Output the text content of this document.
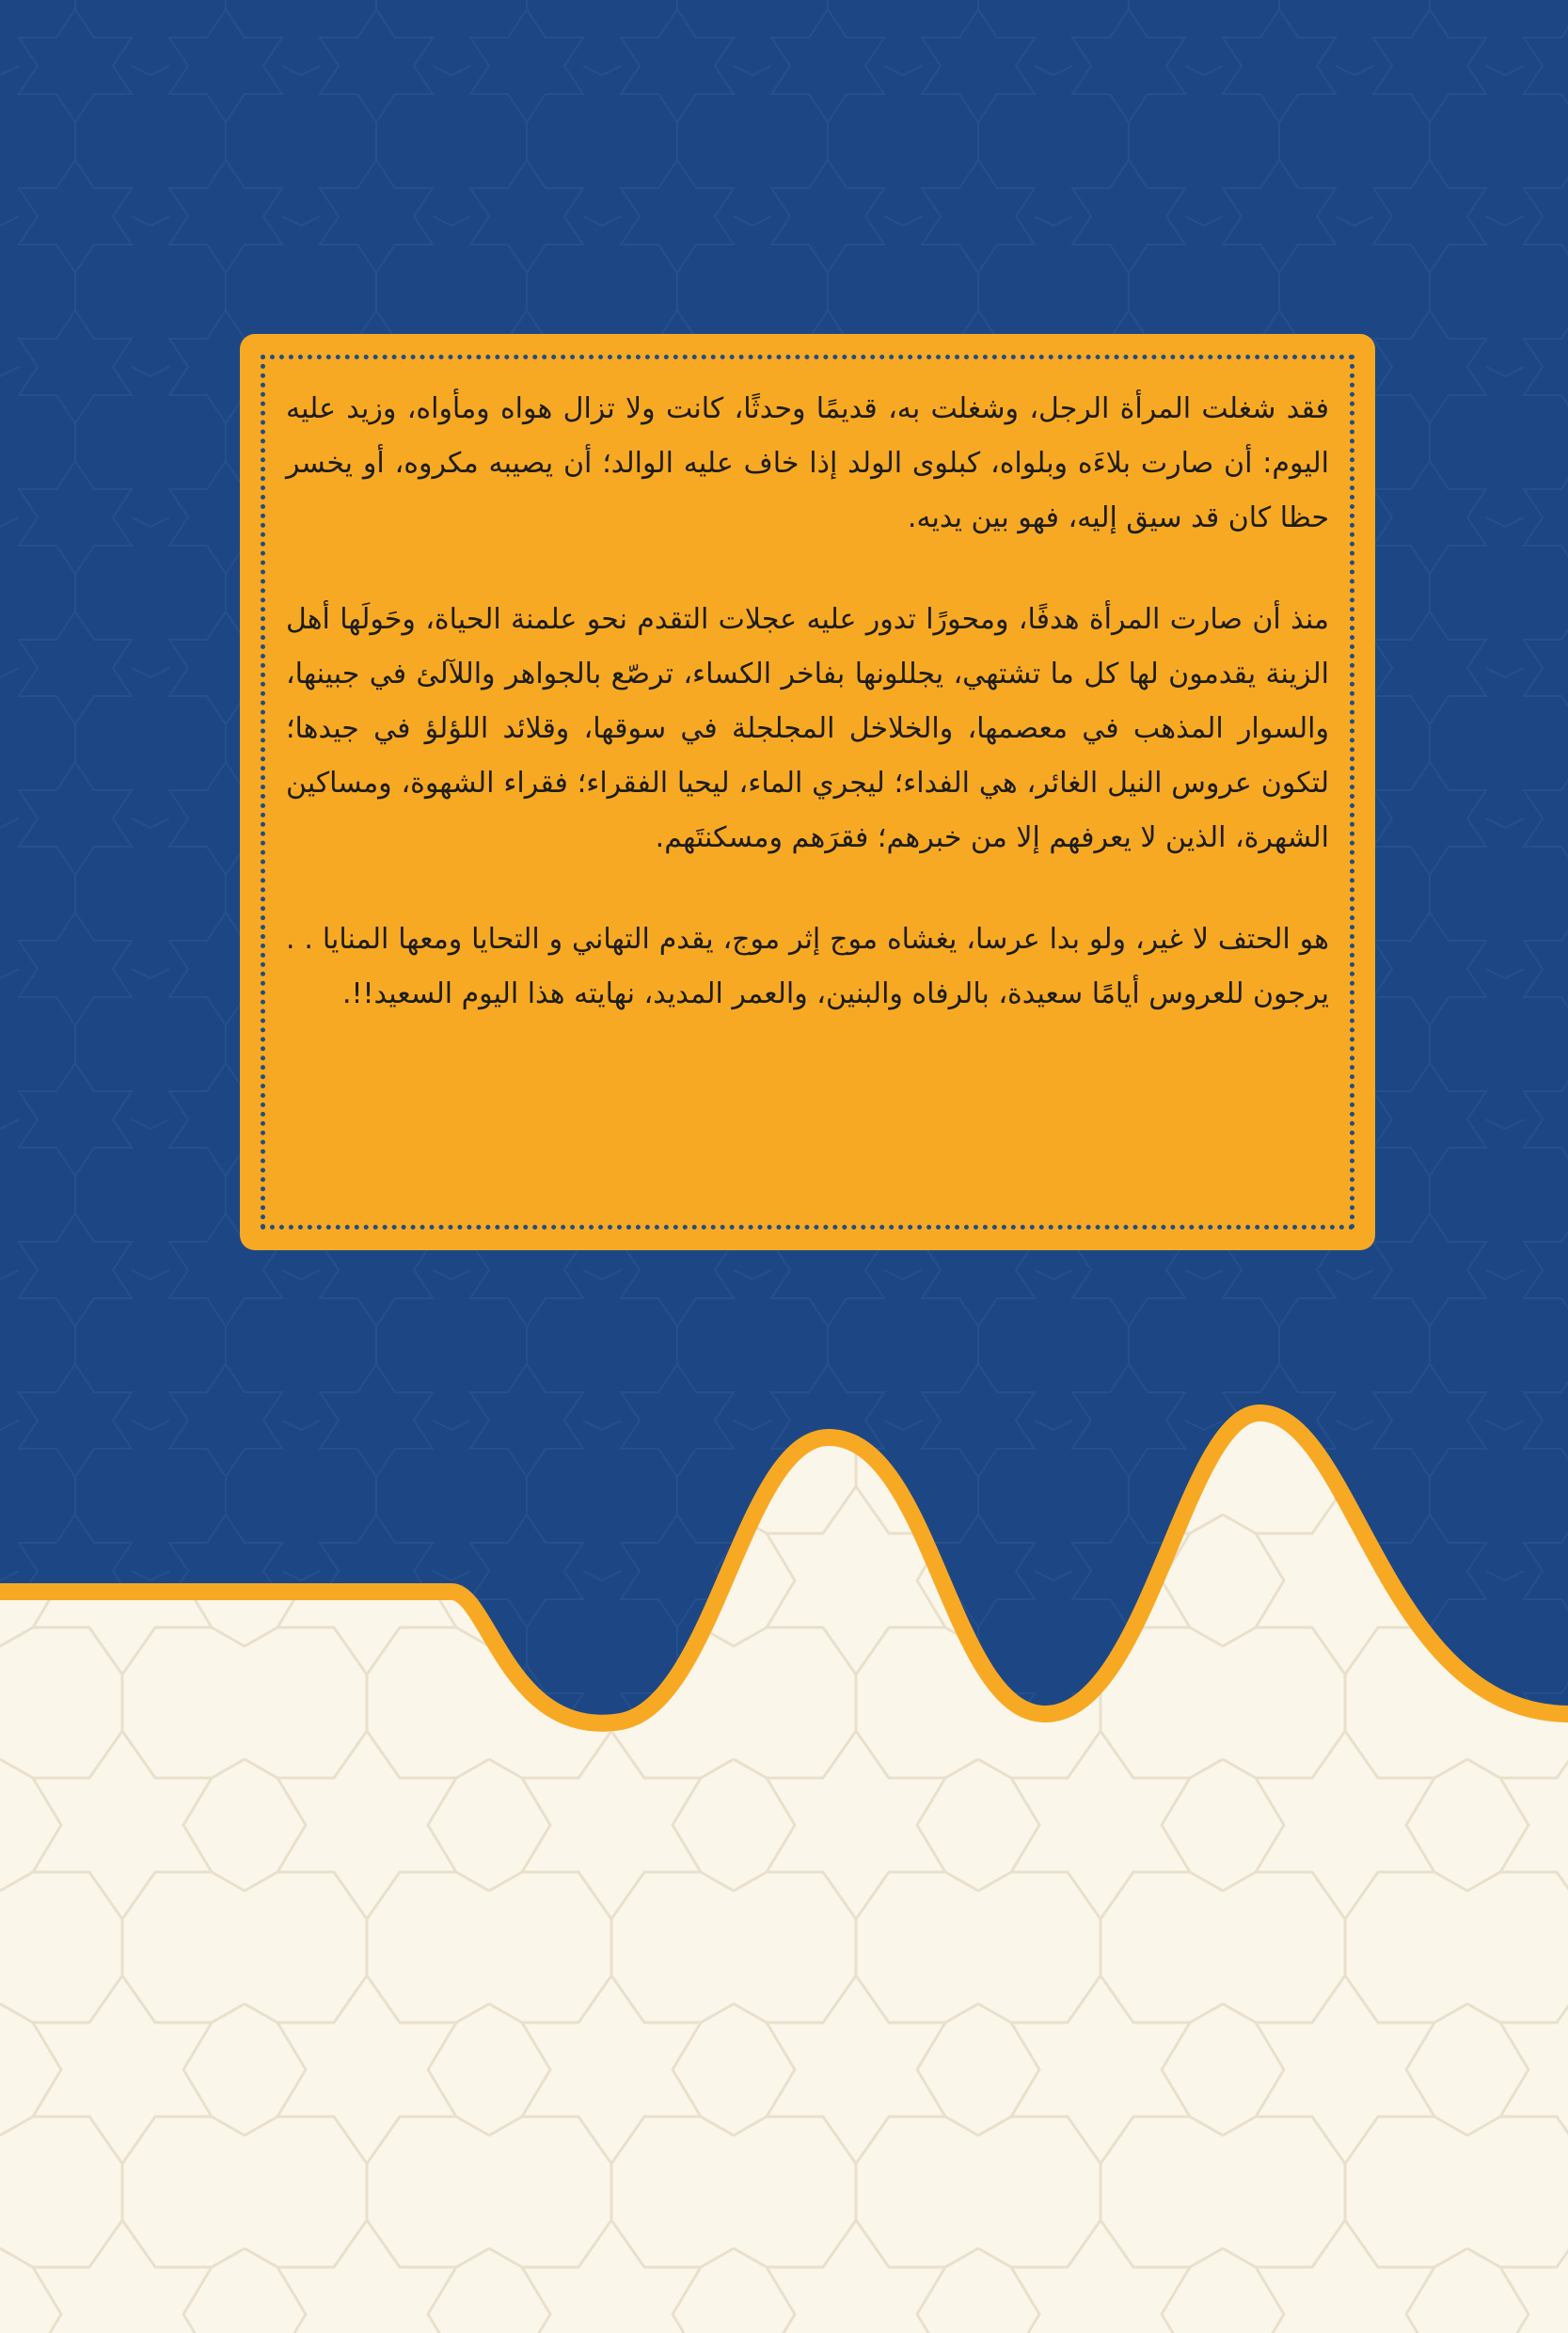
فقد شغلت المرأة الرجل، وشغلت به، قديمًا وحدثًا، كانت ولا تزال هواه ومأواه، وزيد عليه اليوم: أن صارت بلاءَه وبلواه، كبلوى الولد إذا خاف عليه الوالد؛ أن يصيبه مكروه، أو يخسر حظا كان قد سيق إليه، فهو بين يديه.

منذ أن صارت المرأة هدفًا، ومحورًا تدور عليه عجلات التقدم نحو علمنة الحياة، وحَولَها أهل الزينة يقدمون لها كل ما تشتهي، يجللونها بفاخر الكساء، ترصّع بالجواهر واللآلئ في جبينها، والسوار المذهب في معصمها، والخلاخل المجلجلة في سوقها، وقلائد اللؤلؤ في جيدها؛ لتكون عروس النيل الغائر، هي الفداء؛ ليجري الماء، ليحيا الفقراء؛ فقراء الشهوة، ومساكين الشهرة، الذين لا يعرفهم إلا من خبرهم؛ فقرَهم ومسكنتَهم.

هو الحتف لا غير، ولو بدا عرسا، يغشاه موج إثر موج، يقدم التهاني و التحايا ومعها المنايا . . يرجون للعروس أيامًا سعيدة، بالرفاه والبنين، والعمر المديد، نهايته هذا اليوم السعيد!!.
